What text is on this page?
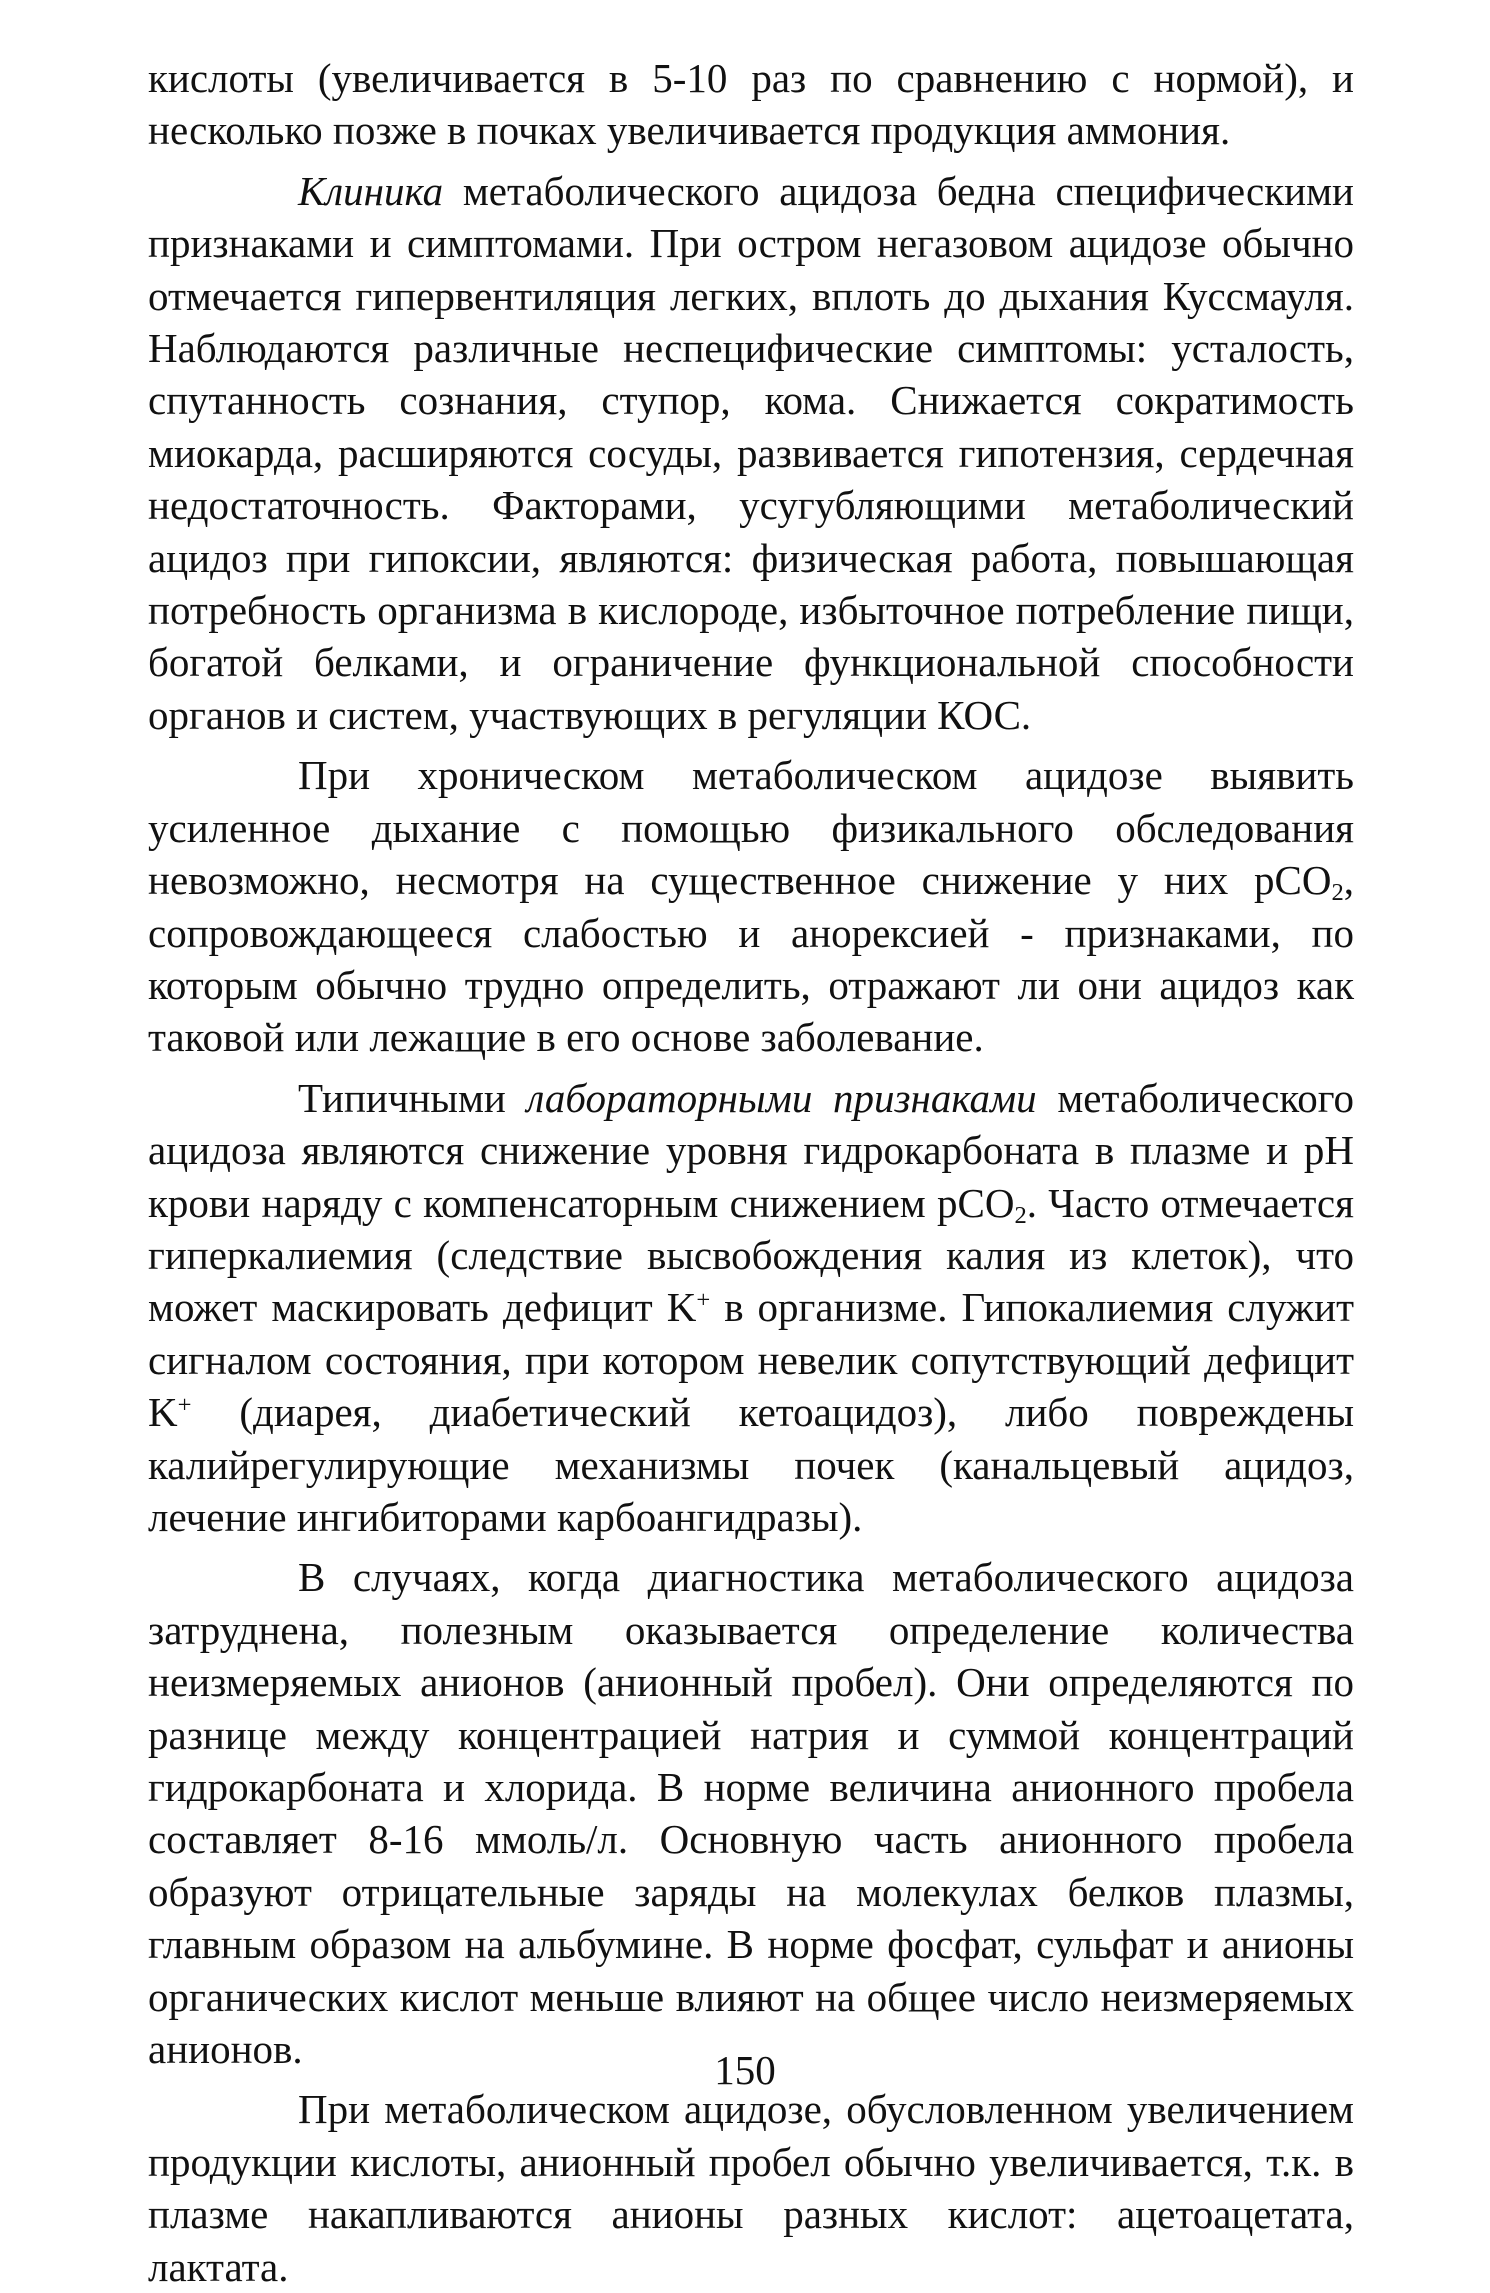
кислоты (увеличивается в 5-10 раз по сравнению с нормой), и несколько позже в почках увеличивается продукция аммония.

Клиника метаболического ацидоза бедна специфическими признаками и симптомами. При остром негазовом ацидозе обычно отмечается гипервентиляция легких, вплоть до дыхания Куссмауля. Наблюдаются различные неспецифические симптомы: усталость, спутанность сознания, ступор, кома. Снижается сократимость миокарда, расширяются сосуды, развивается гипотензия, сердечная недостаточность. Факторами, усугубляющими метаболический ацидоз при гипоксии, являются: физическая работа, повышающая потребность организма в кислороде, избыточное потребление пищи, богатой белками, и ограничение функциональной способности органов и систем, участвующих в регуляции КОС.

При хроническом метаболическом ацидозе выявить усиленное дыхание с помощью физикального обследования невозможно, несмотря на существенное снижение у них pCO$_2$, сопровождающееся слабостью и анорексией - признаками, по которым обычно трудно определить, отражают ли они ацидоз как таковой или лежащие в его основе заболевание.

Типичными лабораторными признаками метаболического ацидоза являются снижение уровня гидрокарбоната в плазме и pH крови наряду с компенсаторным снижением pCO$_2$. Часто отмечается гиперкалиемия (следствие высвобождения калия из клеток), что может маскировать дефицит K+ в организме. Гипокалиемия служит сигналом состояния, при котором невелик сопутствующий дефицит K+ (диарея, диабетический кетоацидоз), либо повреждены калийрегулирующие механизмы почек (канальцевый ацидоз, лечение ингибиторами карбоангидразы).

В случаях, когда диагностика метаболического ацидоза затруднена, полезным оказывается определение количества неизмеряемых анионов (анионный пробел). Они определяются по разнице между концентрацией натрия и суммой концентраций гидрокарбоната и хлорида. В норме величина анионного пробела составляет 8-16 ммоль/л. Основную часть анионного пробела образуют отрицательные заряды на молекулах белков плазмы, главным образом на альбумине. В норме фосфат, сульфат и анионы органических кислот меньше влияют на общее число неизмеряемых анионов.

При метаболическом ацидозе, обусловленном увеличением продукции кислоты, анионный пробел обычно увеличивается, т.к. в плазме накапливаются анионы разных кислот: ацетоацетата, лактата.

150
